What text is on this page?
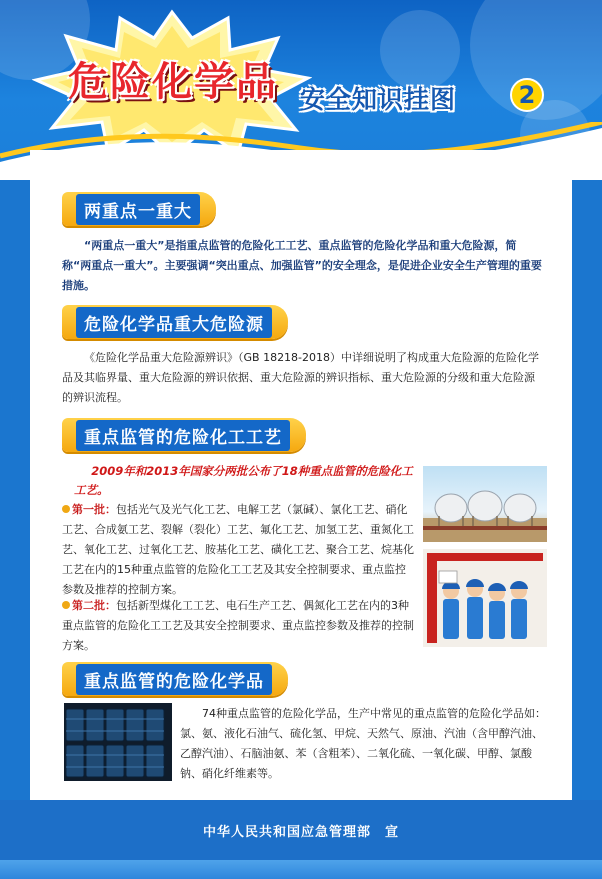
危险化学品 安全知识挂图	2
两重点一重大
“两重点一重大”是指重点监管的危险化工工艺、重点监管的危险化学品和重大危险源，简称“两重点一重大”。主要强调“突出重点、加强监管”的安全理念，是促进企业安全生产管理的重要措施。
危险化学品重大危险源
《危险化学品重大危险源辨识》（GB 18218-2018）中详细说明了构成重大危险源的危险化学品及其临界量、重大危险源的辨识依据、重大危险源的辨识指标、重大危险源的分级和重大危险源的辨识流程。
重点监管的危险化工工艺
2009年和2013年国家分两批公布了18种重点监管的危险化工工艺。
第一批：包括光气及光气化工艺、电解工艺（氯碱）、氯化工艺、硝化工艺、合成氨工艺、裂解（裂化）工艺、氟化工艺、加氢工艺、重氮化工艺、氧化工艺、过氧化工艺、胺基化工艺、磺化工艺、聚合工艺、烷基化工艺在内的15种重点监管的危险化工工艺及其安全控制要求、重点监控参数及推荐的控制方案。
第二批：包括新型煤化工工艺、电石生产工艺、偶氮化工艺在内的3种重点监管的危险化工工艺及其安全控制要求、重点监控参数及推荐的控制方案。
重点监管的危险化学品
74种重点监管的危险化学品，生产中常见的重点监管的危险化学品如：氯、氨、液化石油气、硫化氢、甲烷、天然气、原油、汽油（含甲醇汽油、乙醇汽油）、石脑油氨、苯（含粗苯）、二氧化硫、一氧化碳、甲醇、氯酸钠、硝化纤维素等。
中华人民共和国应急管理部　宣
